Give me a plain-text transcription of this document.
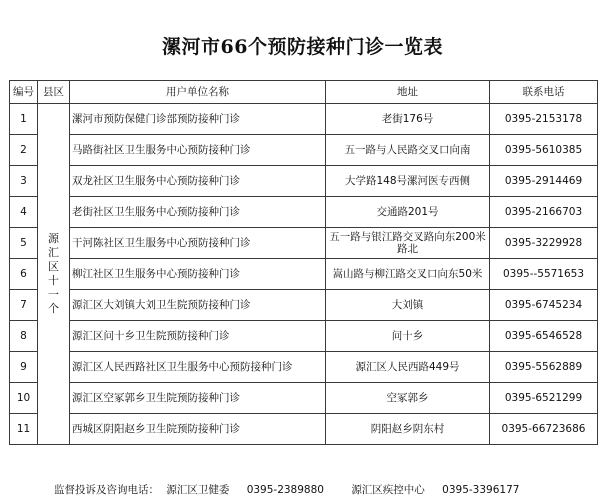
漯河市66个预防接种门诊一览表
编号	县区	用户单位名称	地址	联系电话
1	源汇区十一个	漯河市预防保健门诊部预防接种门诊	老街176号	0395-2153178
2		马路街社区卫生服务中心预防接种门诊	五一路与人民路交叉口向南	0395-5610385
3		双龙社区卫生服务中心预防接种门诊	大学路148号漯河医专西侧	0395-2914469
4		老街社区卫生服务中心预防接种门诊	交通路201号	0395-2166703
5		干河陈社区卫生服务中心预防接种门诊	五一路与银江路交叉路向东200米路北	0395-3229928
6		柳江社区卫生服务中心预防接种门诊	嵩山路与柳江路交叉口向东50米	0395--5571653
7		源汇区大刘镇大刘卫生院预防接种门诊	大刘镇	0395-6745234
8		源汇区问十乡卫生院预防接种门诊	问十乡	0395-6546528
9		源汇区人民西路社区卫生服务中心预防接种门诊	源汇区人民西路449号	0395-5562889
10		源汇区空冢郭乡卫生院预防接种门诊	空冢郭乡	0395-6521299
11		西城区阴阳赵乡卫生院预防接种门诊	阴阳赵乡阴东村	0395-66723686
监督投诉及咨询电话： 源汇区卫健委 0395-2389880	源汇区疾控中心 0395-3396177
